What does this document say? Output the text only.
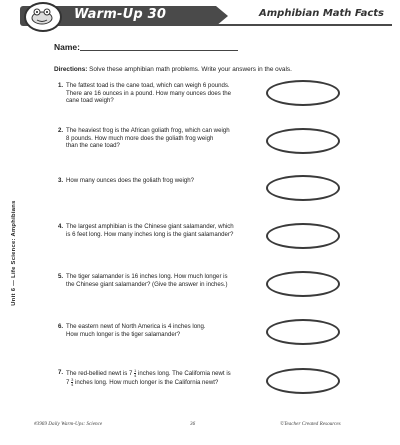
Warm-Up 30	Amphibian Math Facts
Name:
Directions: Solve these amphibian math problems. Write your answers in the ovals.
Unit 6 — Life Science: Amphibians
1. The fattest toad is the cane toad, which can weigh 6 pounds.
There are 16 ounces in a pound. How many ounces does the
cane toad weigh?
2. The heaviest frog is the African goliath frog, which can weigh
8 pounds. How much more does the goliath frog weigh
than the cane toad?
3. How many ounces does the goliath frog weigh?
4. The largest amphibian is the Chinese giant salamander, which
is 6 feet long. How many inches long is the giant salamander?
5. The tiger salamander is 16 inches long. How much longer is
the Chinese giant salamander? (Give the answer in inches.)
6. The eastern newt of North America is 4 inches long.
How much longer is the tiger salamander?
7. The red-bellied newt is $7 \frac{1}{4}$ inches long. The California newt is
$7 \frac{3}{4}$ inches long. How much longer is the California newt?
#3969 Daily Warm-Ups: Science	36	©Teacher Created Resources
